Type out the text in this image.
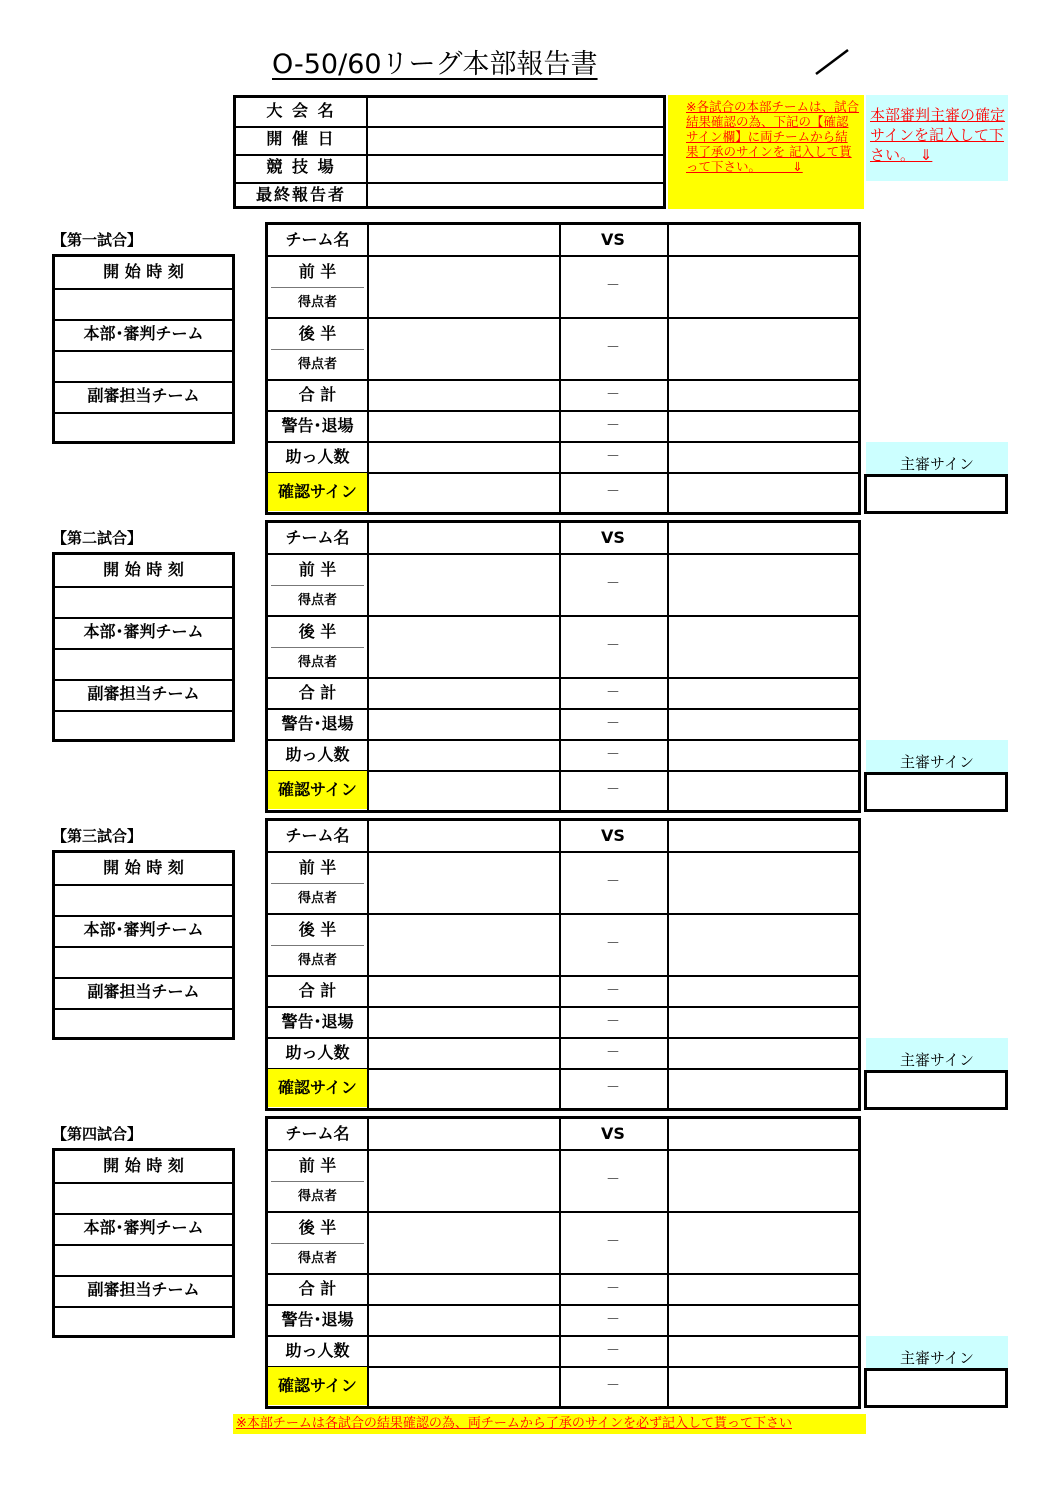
O-50/60リーグ本部報告書
大 会 名
開 催 日
競 技 場
最終報告者
※各試合の本部チームは、試合結果確認の為、下記の【確認サイン欄】に両チームから結果了承のサインを 記入して貰って下さい。　　　⇓
本部審判主審の確定サインを記入して下さい。 ⇓
【第一試合】
開 始 時 刻
本部･審判チーム
副審担当チーム
チーム名	VS
前 半
得点者
－
後 半
得点者
－
合 計	－
警告･退場	－
助っ人数	－
確認サイン	－
主審サイン
【第二試合】
開 始 時 刻
本部･審判チーム
副審担当チーム
チーム名	VS
前 半
得点者
－
後 半
得点者
－
合 計	－
警告･退場	－
助っ人数	－
確認サイン	－
主審サイン
【第三試合】
開 始 時 刻
本部･審判チーム
副審担当チーム
チーム名	VS
前 半
得点者
－
後 半
得点者
－
合 計	－
警告･退場	－
助っ人数	－
確認サイン	－
主審サイン
【第四試合】
開 始 時 刻
本部･審判チーム
副審担当チーム
チーム名	VS
前 半
得点者
－
後 半
得点者
－
合 計	－
警告･退場	－
助っ人数	－
確認サイン	－
主審サイン
※本部チームは各試合の結果確認の為、両チームから了承のサインを必ず記入して貰って下さい
